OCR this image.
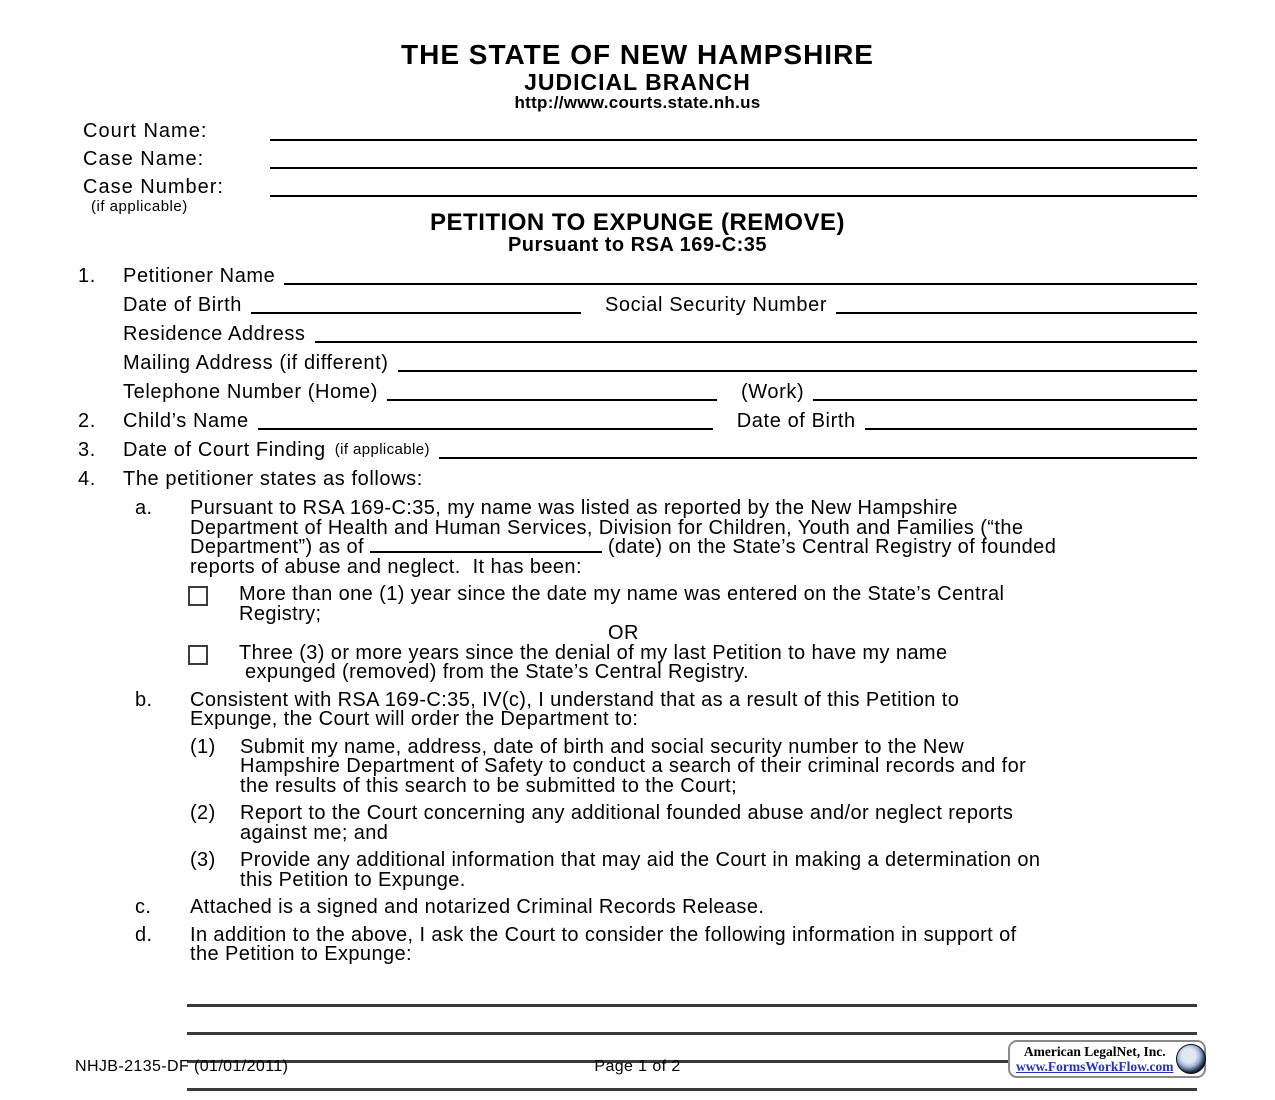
THE STATE OF NEW HAMPSHIRE
JUDICIAL BRANCH
http://www.courts.state.nh.us
Court Name:
Case Name:
Case Number:
(if applicable)
PETITION TO EXPUNGE (REMOVE)
Pursuant to RSA 169-C:35
1.	Petitioner Name
Date of Birth	Social Security Number
Residence Address
Mailing Address (if different)
Telephone Number (Home)	(Work)
2.	Child’s Name	Date of Birth
3.	Date of Court Finding (if applicable)
4.	The petitioner states as follows:
a.	Pursuant to RSA 169-C:35, my name was listed as reported by the New Hampshire
Department of Health and Human Services, Division for Children, Youth and Families (“the
Department”) as of	(date) on the State’s Central Registry of founded
reports of abuse and neglect.  It has been:
More than one (1) year since the date my name was entered on the State’s Central
Registry;
OR
Three (3) or more years since the denial of my last Petition to have my name
expunged (removed) from the State’s Central Registry.
b.	Consistent with RSA 169-C:35, IV(c), I understand that as a result of this Petition to
Expunge, the Court will order the Department to:
(1)	Submit my name, address, date of birth and social security number to the New
Hampshire Department of Safety to conduct a search of their criminal records and for
the results of this search to be submitted to the Court;
(2)	Report to the Court concerning any additional founded abuse and/or neglect reports
against me; and
(3)	Provide any additional information that may aid the Court in making a determination on
this Petition to Expunge.
c.	Attached is a signed and notarized Criminal Records Release.
d.	In addition to the above, I ask the Court to consider the following information in support of
the Petition to Expunge:
NHJB-2135-DF (01/01/2011)	Page 1 of 2
American LegalNet, Inc.
www.FormsWorkFlow.com
